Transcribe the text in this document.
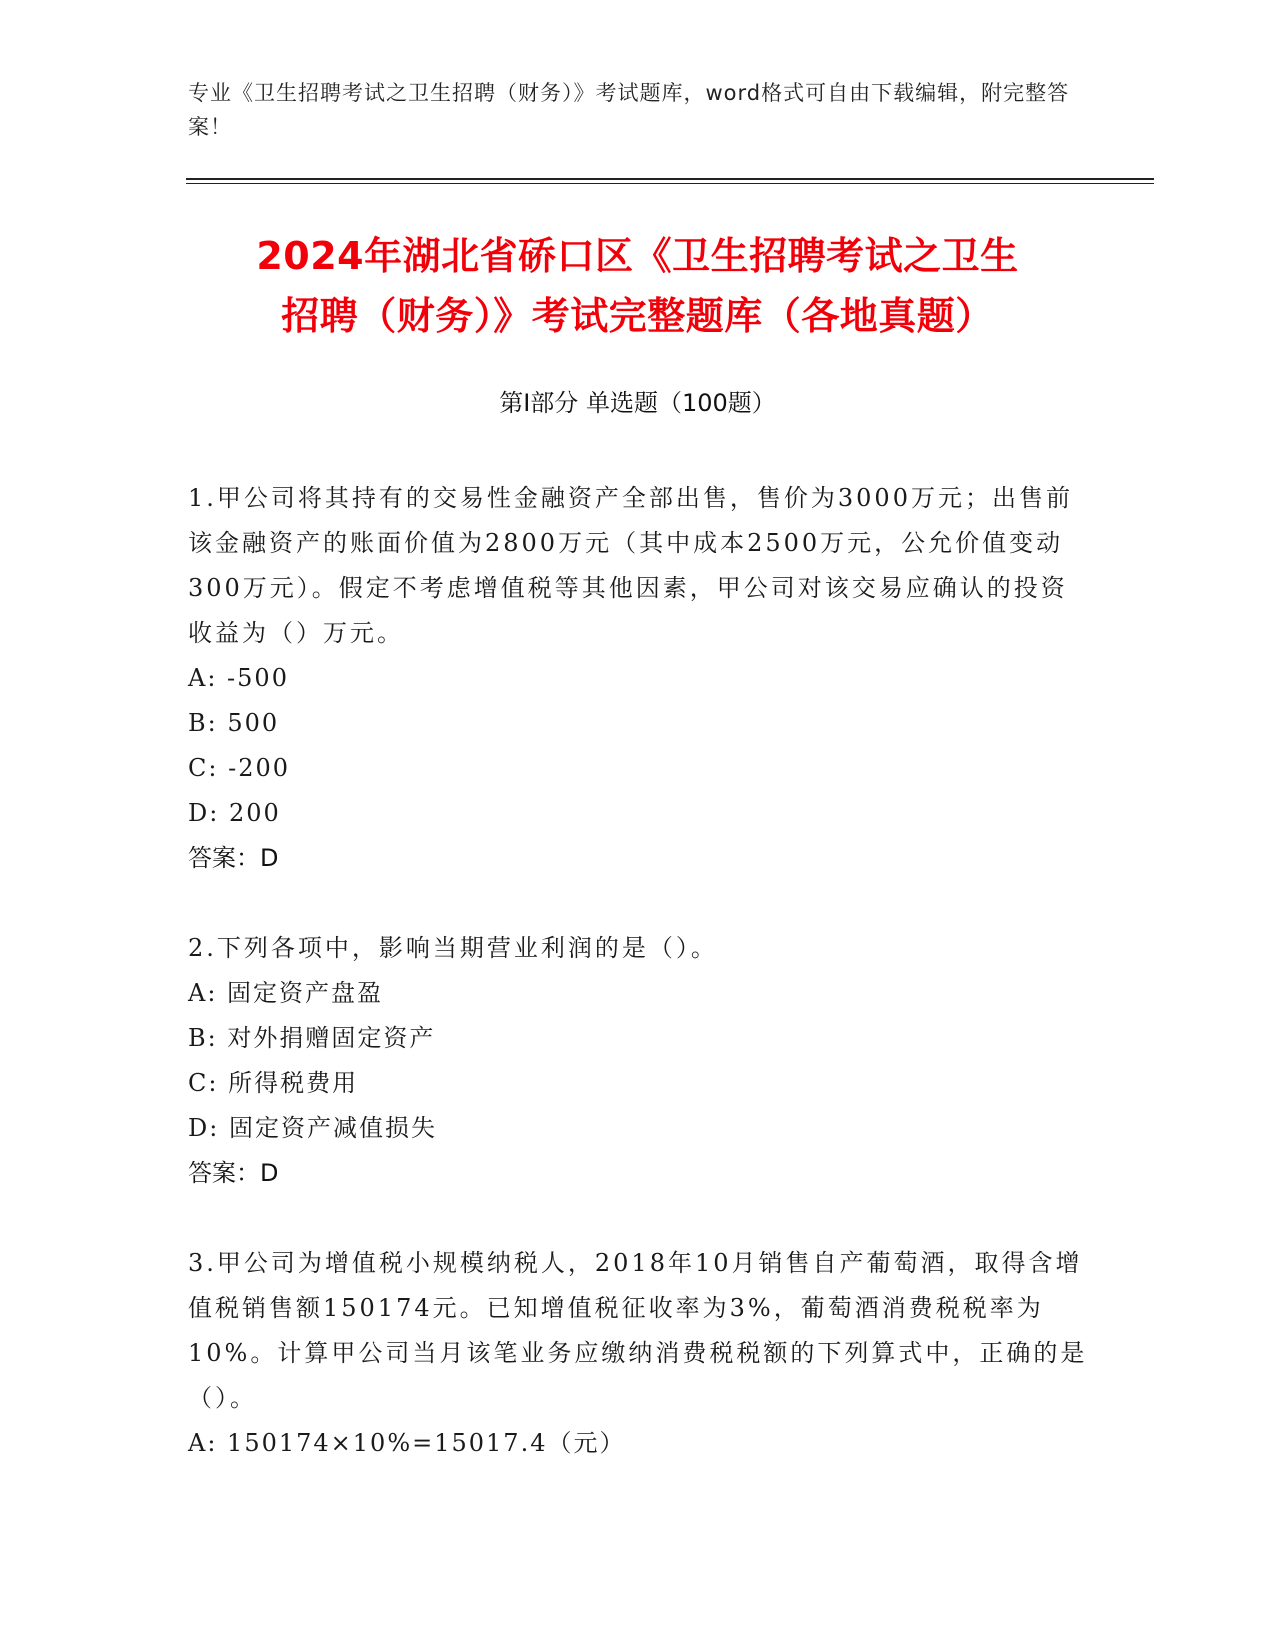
专业《卫生招聘考试之卫生招聘（财务）》考试题库，word格式可自由下载编辑，附完整答案！
2024年湖北省硚口区《卫生招聘考试之卫生
招聘（财务）》考试完整题库（各地真题）
第Ⅰ部分 单选题（100题）

1.甲公司将其持有的交易性金融资产全部出售，售价为3000万元；出售前该金融资产的账面价值为2800万元（其中成本2500万元，公允价值变动300万元）。假定不考虑增值税等其他因素，甲公司对该交易应确认的投资收益为（）万元。

A: -500

B: 500

C: -200

D: 200

答案：D

2.下列各项中，影响当期营业利润的是（）。

A: 固定资产盘盈

B: 对外捐赠固定资产

C: 所得税费用

D: 固定资产减值损失

答案：D

3.甲公司为增值税小规模纳税人，2018年10月销售自产葡萄酒，取得含增值税销售额150174元。已知增值税征收率为3%，葡萄酒消费税税率为10%。计算甲公司当月该笔业务应缴纳消费税税额的下列算式中，正确的是（）。

A: 150174×10%=15017.4（元）
